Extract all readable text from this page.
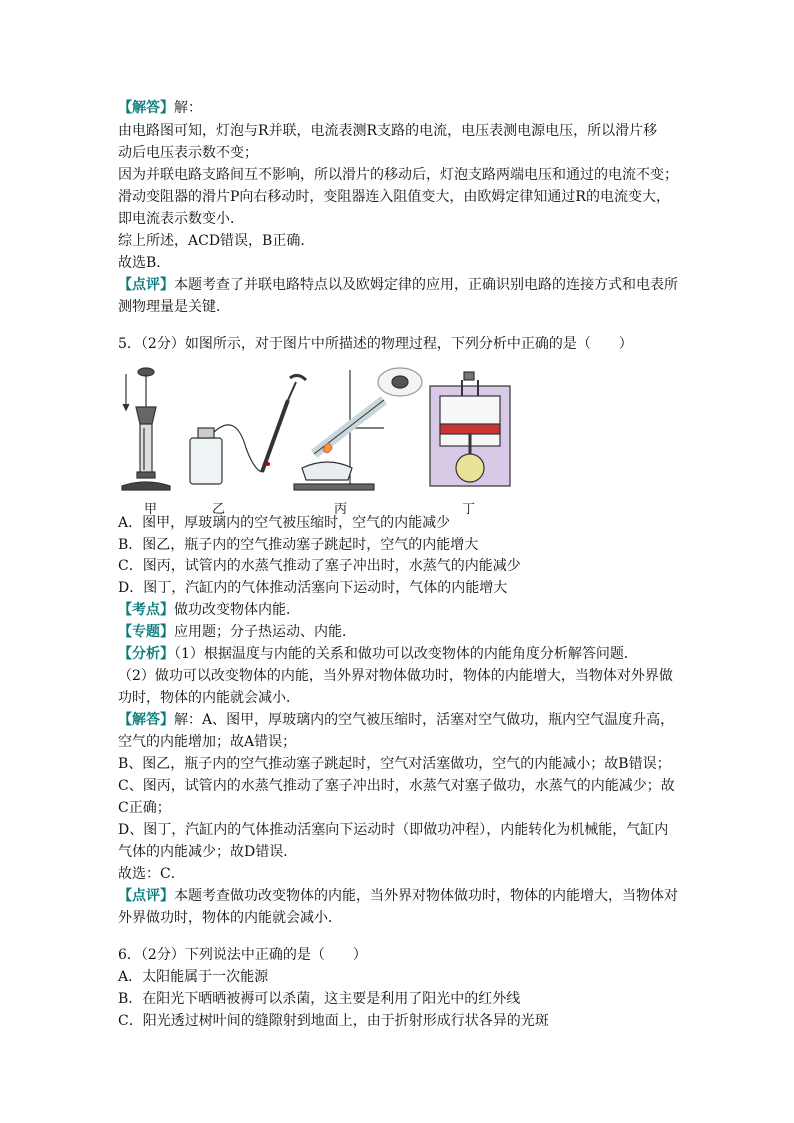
【解答】解：
由电路图可知，灯泡与R并联，电流表测R支路的电流，电压表测电源电压，所以滑片移
动后电压表示数不变；
因为并联电路支路间互不影响，所以滑片的移动后，灯泡支路两端电压和通过的电流不变；
滑动变阻器的滑片P向右移动时，变阻器连入阻值变大，由欧姆定律知通过R的电流变大，
即电流表示数变小．
综上所述，ACD错误，B正确．
故选B．
【点评】本题考查了并联电路特点以及欧姆定律的应用，正确识别电路的连接方式和电表所
测物理量是关键．
5．（2分）如图所示，对于图片中所描述的物理过程，下列分析中正确的是（　　）
甲	乙	丙	丁
A．图甲，厚玻璃内的空气被压缩时，空气的内能减少
B．图乙，瓶子内的空气推动塞子跳起时，空气的内能增大
C．图丙，试管内的水蒸气推动了塞子冲出时，水蒸气的内能减少
D．图丁，汽缸内的气体推动活塞向下运动时，气体的内能增大
【考点】做功改变物体内能．
【专题】应用题；分子热运动、内能．
【分析】（1）根据温度与内能的关系和做功可以改变物体的内能角度分析解答问题．
（2）做功可以改变物体的内能，当外界对物体做功时，物体的内能增大，当物体对外界做
功时，物体的内能就会减小．
【解答】解：A、图甲，厚玻璃内的空气被压缩时，活塞对空气做功，瓶内空气温度升高，
空气的内能增加；故A错误；
B、图乙，瓶子内的空气推动塞子跳起时，空气对活塞做功，空气的内能减小；故B错误；
C、图丙，试管内的水蒸气推动了塞子冲出时，水蒸气对塞子做功，水蒸气的内能减少；故
C正确；
D、图丁，汽缸内的气体推动活塞向下运动时（即做功冲程），内能转化为机械能，气缸内
气体的内能减少；故D错误．
故选：C．
【点评】本题考查做功改变物体的内能，当外界对物体做功时，物体的内能增大，当物体对
外界做功时，物体的内能就会减小．
6．（2分）下列说法中正确的是（　　）
A．太阳能属于一次能源
B．在阳光下晒晒被褥可以杀菌，这主要是利用了阳光中的红外线
C．阳光透过树叶间的缝隙射到地面上，由于折射形成行状各异的光斑
